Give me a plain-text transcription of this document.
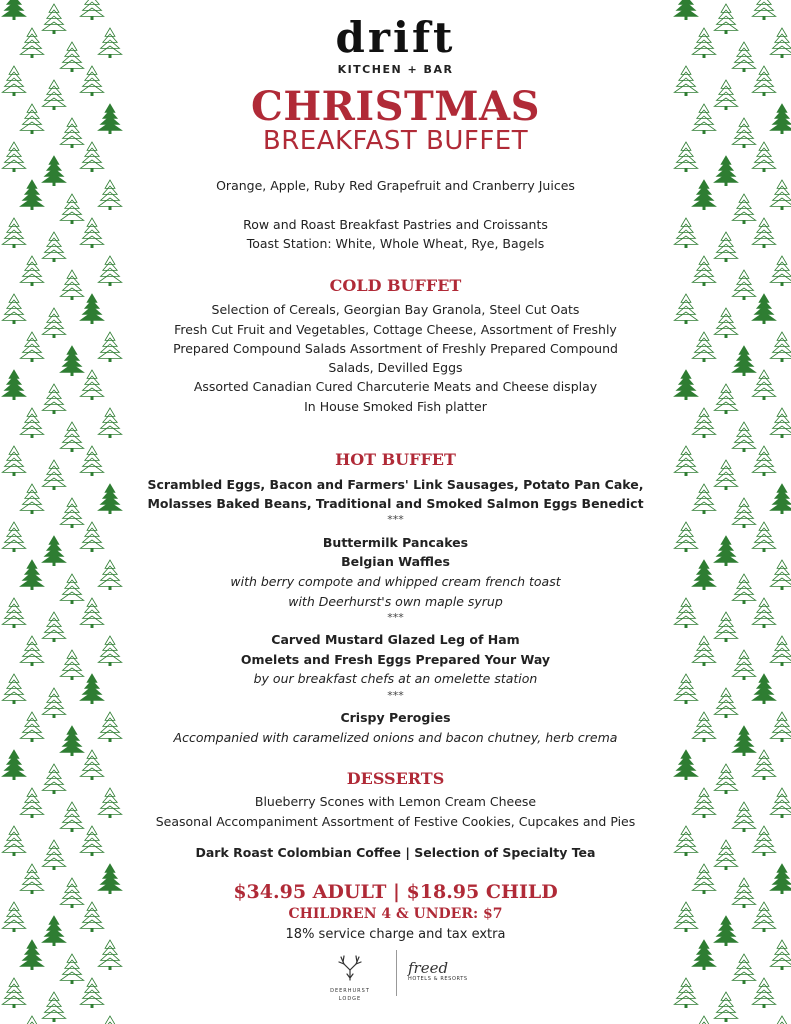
drift
KITCHEN + BAR
CHRISTMAS
BREAKFAST BUFFET
Orange, Apple, Ruby Red Grapefruit and Cranberry Juices
Row and Roast Breakfast Pastries and Croissants
Toast Station: White, Whole Wheat, Rye, Bagels
COLD BUFFET
Selection of Cereals, Georgian Bay Granola, Steel Cut Oats
Fresh Cut Fruit and Vegetables, Cottage Cheese, Assortment of Freshly
Prepared Compound Salads Assortment of Freshly Prepared Compound
Salads, Devilled Eggs
Assorted Canadian Cured Charcuterie Meats and Cheese display
In House Smoked Fish platter
HOT BUFFET
Scrambled Eggs, Bacon and Farmers' Link Sausages, Potato Pan Cake,
Molasses Baked Beans, Traditional and Smoked Salmon Eggs Benedict
***
Buttermilk Pancakes
Belgian Waffles
with berry compote and whipped cream french toast
with Deerhurst's own maple syrup
***
Carved Mustard Glazed Leg of Ham
Omelets and Fresh Eggs Prepared Your Way
by our breakfast chefs at an omelette station
***
Crispy Perogies
Accompanied with caramelized onions and bacon chutney, herb crema
DESSERTS
Blueberry Scones with Lemon Cream Cheese
Seasonal Accompaniment Assortment of Festive Cookies, Cupcakes and Pies
Dark Roast Colombian Coffee | Selection of Specialty Tea
$34.95 ADULT | $18.95 CHILD
CHILDREN 4 & UNDER: $7
18% service charge and tax extra
DEERHURST
LODGE
freed
HOTELS & RESORTS
